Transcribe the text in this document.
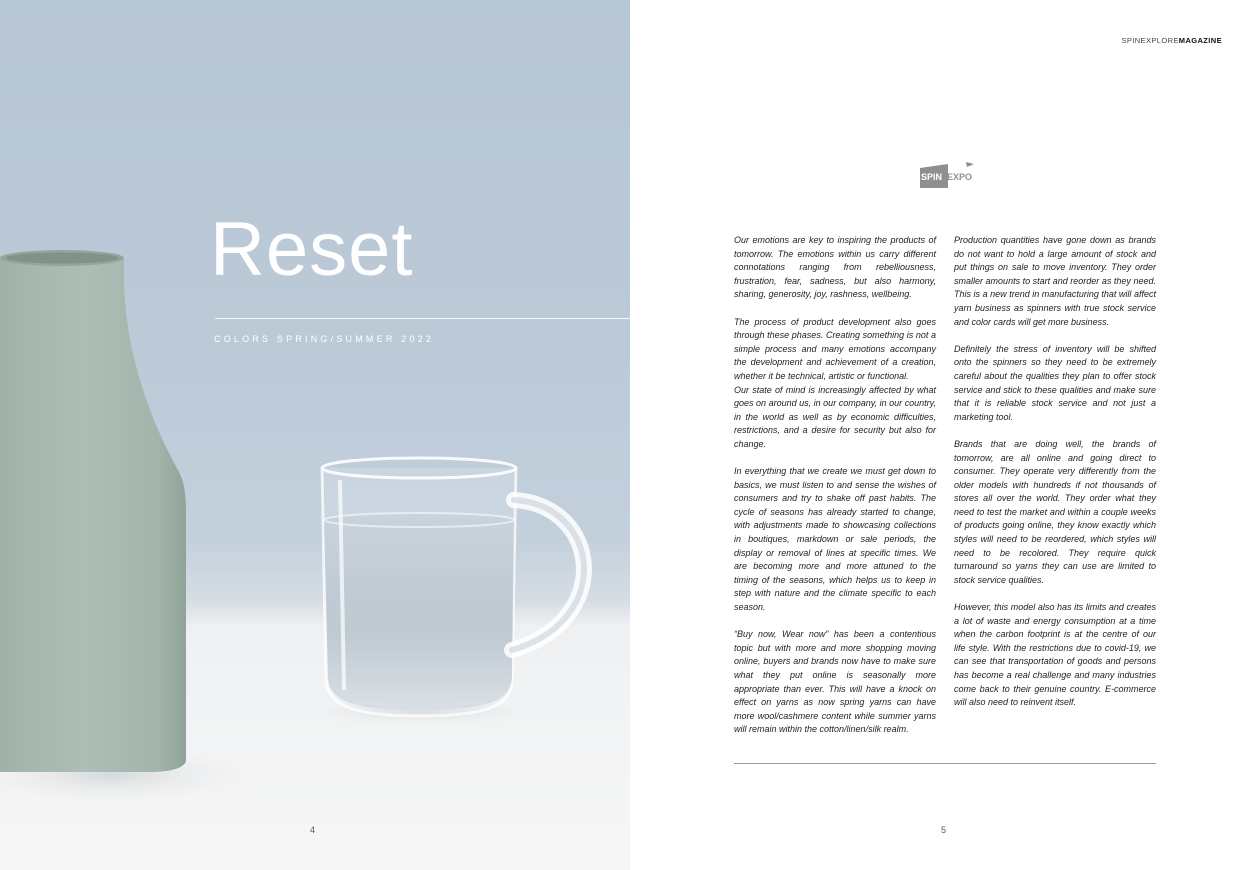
Reset

COLORS SPRING/SUMMER 2022

4
SPINEXPLOREMAGAZINE
SPIN EXPO

Our emotions are key to inspiring the products of tomorrow. The emotions within us carry different connotations ranging from rebelliousness, frustration, fear, sadness, but also harmony, sharing, generosity, joy, rashness, wellbeing.

The process of product development also goes through these phases. Creating something is not a simple process and many emotions accompany the development and achievement of a creation, whether it be technical, artistic or functional.

Our state of mind is increasingly affected by what goes on around us, in our company, in our country, in the world as well as by economic difficulties, restrictions, and a desire for security but also for change.

In everything that we create we must get down to basics, we must listen to and sense the wishes of consumers and try to shake off past habits. The cycle of seasons has already started to change, with adjustments made to showcasing collections in boutiques, markdown or sale periods, the display or removal of lines at specific times. We are becoming more and more attuned to the timing of the seasons, which helps us to keep in step with nature and the climate specific to each season.

“Buy now, Wear now” has been a contentious topic but with more and more shopping moving online, buyers and brands now have to make sure what they put online is seasonally more appropriate than ever. This will have a knock on effect on yarns as now spring yarns can have more wool/cashmere content while summer yarns will remain within the cotton/linen/silk realm.

Production quantities have gone down as brands do not want to hold a large amount of stock and put things on sale to move inventory. They order smaller amounts to start and reorder as they need. This is a new trend in manufacturing that will affect yarn business as spinners with true stock service and color cards will get more business.

Definitely the stress of inventory will be shifted onto the spinners so they need to be extremely careful about the qualities they plan to offer stock service and stick to these qualities and make sure that it is reliable stock service and not just a marketing tool.

Brands that are doing well, the brands of tomorrow, are all online and going direct to consumer. They operate very differently from the older models with hundreds if not thousands of stores all over the world. They order what they need to test the market and within a couple weeks of products going online, they know exactly which styles will need to be reordered, which styles will need to be recolored. They require quick turnaround so yarns they can use are limited to stock service qualities.

However, this model also has its limits and creates a lot of waste and energy consumption at a time when the carbon footprint is at the centre of our life style. With the restrictions due to covid-19, we can see that transportation of goods and persons has become a real challenge and many industries come back to their genuine country. E-commerce will also need to reinvent itself.

5
